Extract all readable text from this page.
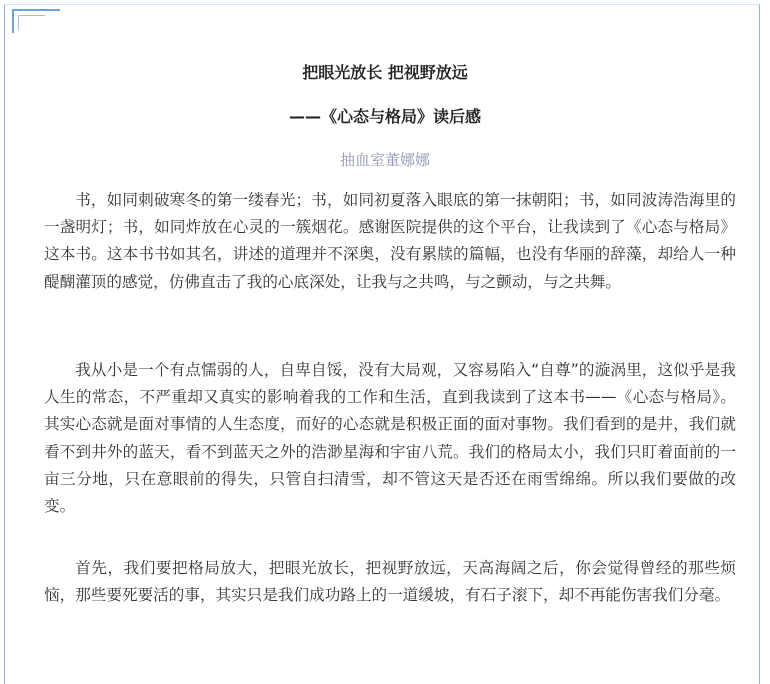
把眼光放长 把视野放远
——《心态与格局》读后感
抽血室董娜娜

书，如同刺破寒冬的第一缕春光；书，如同初夏落入眼底的第一抹朝阳；书，如同波涛浩海里的一盏明灯；书，如同炸放在心灵的一簇烟花。感谢医院提供的这个平台，让我读到了《心态与格局》这本书。这本书书如其名，讲述的道理并不深奥，没有累牍的篇幅，也没有华丽的辞藻，却给人一种醍醐灌顶的感觉，仿佛直击了我的心底深处，让我与之共鸣，与之颤动，与之共舞。

我从小是一个有点懦弱的人，自卑自馁，没有大局观，又容易陷入“自尊”的漩涡里，这似乎是我人生的常态，不严重却又真实的影响着我的工作和生活，直到我读到了这本书——《心态与格局》。其实心态就是面对事情的人生态度，而好的心态就是积极正面的面对事物。我们看到的是井，我们就看不到井外的蓝天，看不到蓝天之外的浩渺星海和宇宙八荒。我们的格局太小，我们只盯着面前的一亩三分地，只在意眼前的得失，只管自扫清雪，却不管这天是否还在雨雪绵绵。所以我们要做的改变。

首先，我们要把格局放大，把眼光放长，把视野放远，天高海阔之后，你会觉得曾经的那些烦恼，那些要死要活的事，其实只是我们成功路上的一道缓坡，有石子滚下，却不再能伤害我们分毫。
